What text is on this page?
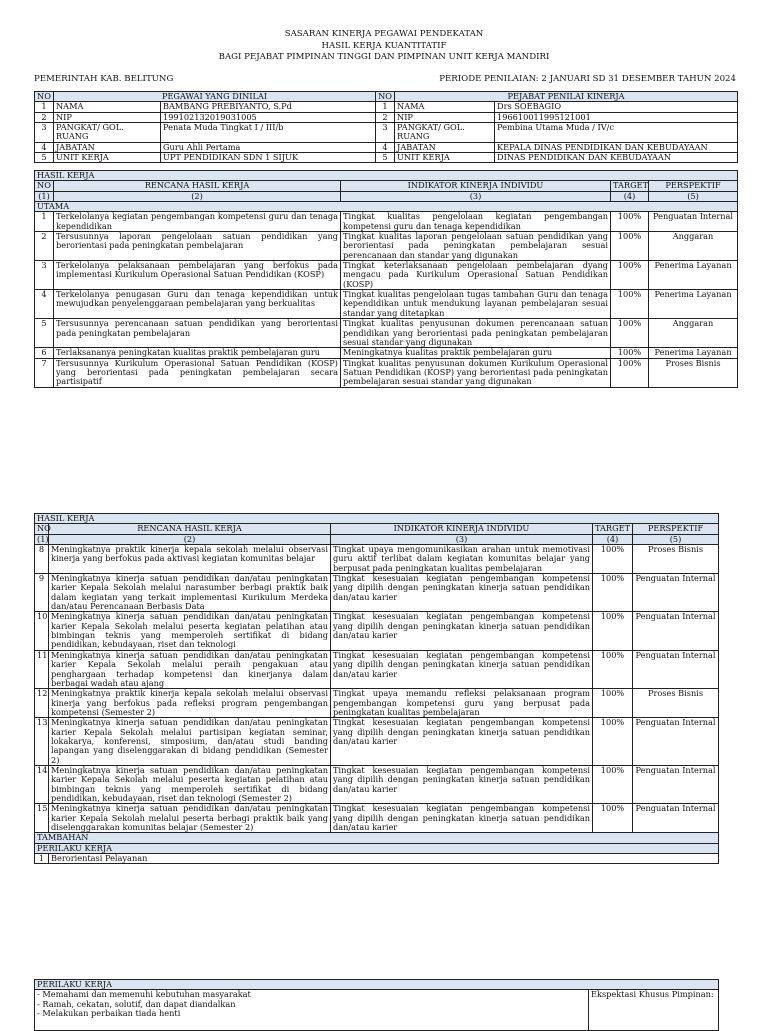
SASARAN KINERJA PEGAWAI PENDEKATAN
HASIL KERJA KUANTITATIF
BAGI PEJABAT PIMPINAN TINGGI DAN PIMPINAN UNIT KERJA MANDIRI
PEMERINTAH KAB. BELITUNG	PERIODE PENILAIAN: 2 JANUARI SD 31 DESEMBER TAHUN 2024
NO	PEGAWAI YANG DINILAI		NO	PEJABAT PENILAI KINERJA	
1	NAMA	BAMBANG PREBIYANTO, S.Pd	1	NAMA	Drs SOEBAGIO
2	NIP	199102132019031005	2	NIP	196610011995121001
3	PANGKAT/ GOL. RUANG	Penata Muda Tingkat I / III/b	3	PANGKAT/ GOL. RUANG	Pembina Utama Muda / IV/c
4	JABATAN	Guru Ahli Pertama	4	JABATAN	KEPALA DINAS PENDIDIKAN DAN KEBUDAYAAN
5	UNIT KERJA	UPT PENDIDIKAN SDN 1 SIJUK	5	UNIT KERJA	DINAS PENDIDIKAN DAN KEBUDAYAAN
HASIL KERJA				
NO	RENCANA HASIL KERJA	INDIKATOR KINERJA INDIVIDU	TARGET	PERSPEKTIF
(1)	(2)	(3)	(4)	(5)
UTAMA				
1	Terkelolanya kegiatan pengembangan kompetensi guru dan tenaga kependidikan	Tingkat kualitas pengelolaan kegiatan pengembangan kompetensi guru dan tenaga kependidikan	100%	Penguatan Internal
2	Tersusunnya laporan pengelolaan satuan pendidikan yang berorientasi pada peningkatan pembelajaran	Tingkat kualitas laporan pengelolaan satuan pendidikan yang berorientasi pada peningkatan pembelajaran sesuai perencanaan dan standar yang digunakan	100%	Anggaran
3	Terkelolanya pelaksanaan pembelajaran yang berfokus pada implementasi Kurikulum Operasional Satuan Pendidikan (KOSP)	Tingkat keterlaksanaan pengelolaan pembelajaran dyang mengacu pada Kurikulum Operasional Satuan Pendidikan (KOSP)	100%	Penerima Layanan
4	Terkelolanya penugasan Guru dan tenaga kependidikan untuk mewujudkan penyelenggaraan pembelajaran yang berkualitas	Tingkat kualitas pengelolaan tugas tambahan Guru dan tenaga kependidikan untuk mendukung layanan pembelajaran sesuai standar yang ditetapkan	100%	Penerima Layanan
5	Tersusunnya perencanaan satuan pendidikan yang berorientasi pada peningkatan pembelajaran	Tingkat kualitas penyusunan dokumen perencanaan satuan pendidikan yang berorientasi pada peningkatan pembelajaran sesuai standar yang digunakan	100%	Anggaran
6	Terlaksananya peningkatan kualitas praktik pembelajaran guru	Meningkatnya kualitas praktik pembelajaran guru	100%	Penerima Layanan
7	Tersusunnya Kurikulum Operasional Satuan Pendidikan (KOSP) yang berorientasi pada peningkatan pembelajaran secara partisipatif	Tingkat kualitas penyusunan dokumen Kurikulum Operasional Satuan Pendidikan (KOSP) yang berorientasi pada peningkatan pembelajaran sesuai standar yang digunakan	100%	Proses Bisnis
HASIL KERJA				
NO	RENCANA HASIL KERJA	INDIKATOR KINERJA INDIVIDU	TARGET	PERSPEKTIF
(1)	(2)	(3)	(4)	(5)
8	Meningkatnya praktik kinerja kepala sekolah melalui observasi kinerja yang berfokus pada aktivasi kegiatan komunitas belajar	Tingkat upaya mengomunikasikan arahan untuk memotivasi guru aktif terlibat dalam kegiatan komunitas belajar yang berpusat pada peningkatan kualitas pembelajaran	100%	Proses Bisnis
9	Meningkatnya kinerja satuan pendidikan dan/atau peningkatan karier Kepala Sekolah melalui narasumber berbagi praktik baik dalam kegiatan yang terkait implementasi Kurikulum Merdeka dan/atau Perencanaan Berbasis Data	Tingkat kesesuaian kegiatan pengembangan kompetensi yang dipilih dengan peningkatan kinerja satuan pendidikan dan/atau karier	100%	Penguatan Internal
10	Meningkatnya kinerja satuan pendidikan dan/atau peningkatan karier Kepala Sekolah melalui peserta kegiatan pelatihan atau bimbingan teknis yang memperoleh sertifikat di bidang pendidikan, kebudayaan, riset dan teknologi	Tingkat kesesuaian kegiatan pengembangan kompetensi yang dipilih dengan peningkatan kinerja satuan pendidikan dan/atau karier	100%	Penguatan Internal
11	Meningkatnya kinerja satuan pendidikan dan/atau peningkatan karier Kepala Sekolah melalui peraih pengakuan atau penghargaan terhadap kompetensi dan kinerjanya dalam berbagai wadah atau ajang	Tingkat kesesuaian kegiatan pengembangan kompetensi yang dipilih dengan peningkatan kinerja satuan pendidikan dan/atau karier	100%	Penguatan Internal
12	Meningkatnya praktik kinerja kepala sekolah melalui observasi kinerja yang berfokus pada refleksi program pengembangan kompetensi (Semester 2)	Tingkat upaya memandu refleksi pelaksanaan program pengembangan kompetensi guru yang berpusat pada peningkatan kualitas pembelajaran	100%	Proses Bisnis
13	Meningkatnya kinerja satuan pendidikan dan/atau peningkatan karier Kepala Sekolah melalui partisipan kegiatan seminar, lokakarya, konferensi, simposium, dan/atau studi banding lapangan yang diselenggarakan di bidang pendidikan (Semester 2)	Tingkat kesesuaian kegiatan pengembangan kompetensi yang dipilih dengan peningkatan kinerja satuan pendidikan dan/atau karier	100%	Penguatan Internal
14	Meningkatnya kinerja satuan pendidikan dan/atau peningkatan karier Kepala Sekolah melalui peserta kegiatan pelatihan atau bimbingan teknis yang memperoleh sertifikat di bidang pendidikan, kebudayaan, riset dan teknologi (Semester 2)	Tingkat kesesuaian kegiatan pengembangan kompetensi yang dipilih dengan peningkatan kinerja satuan pendidikan dan/atau karier	100%	Penguatan Internal
15	Meningkatnya kinerja satuan pendidikan dan/atau peningkatan karier Kepala Sekolah melalui peserta berbagi praktik baik yang diselenggarakan komunitas belajar (Semester 2)	Tingkat kesesuaian kegiatan pengembangan kompetensi yang dipilih dengan peningkatan kinerja satuan pendidikan dan/atau karier	100%	Penguatan Internal
TAMBAHAN				
PERILAKU KERJA				
1	Berorientasi Pelayanan			
PERILAKU KERJA

- Memahami dan memenuhi kebutuhan masyarakat
- Ramah, cekatan, solutif, dan dapat diandalkan
- Melakukan perbaikan tiada henti
	Ekspektasi Khusus Pimpinan:
